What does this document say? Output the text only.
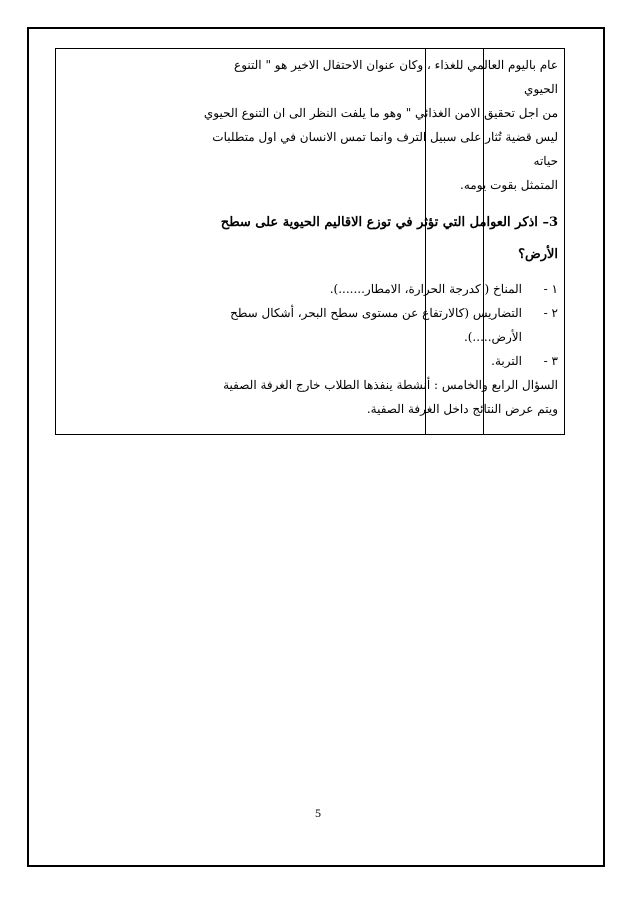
عام باليوم العالمي للغذاء ، وكان عنوان الاحتفال الاخير هو " التنوع الحيوي

من اجل تحقيق الامن الغذائي " وهو ما يلفت النظر الى ان التنوع الحيوي

ليس قضية تُثار على سبيل الترف وانما تمس الانسان في اول متطلبات حياته

المتمثل بقوت يومه.

3– اذكر العوامل التي تؤثر في توزع الاقاليم الحيوية على سطح الأرض؟

١ -
المناخ ( كدرجة الحرارة، الامطار.......).
٢ -
التضاريس (كالارتفاع عن مستوى سطح البحر، أشكال سطح الأرض.....).
٣ -
التربة.

السؤال الرابع والخامس : أنشطة ينفذها الطلاب خارج الغرفة الصفية ويتم عرض النتائج داخل الغرفة الصفية.

5
